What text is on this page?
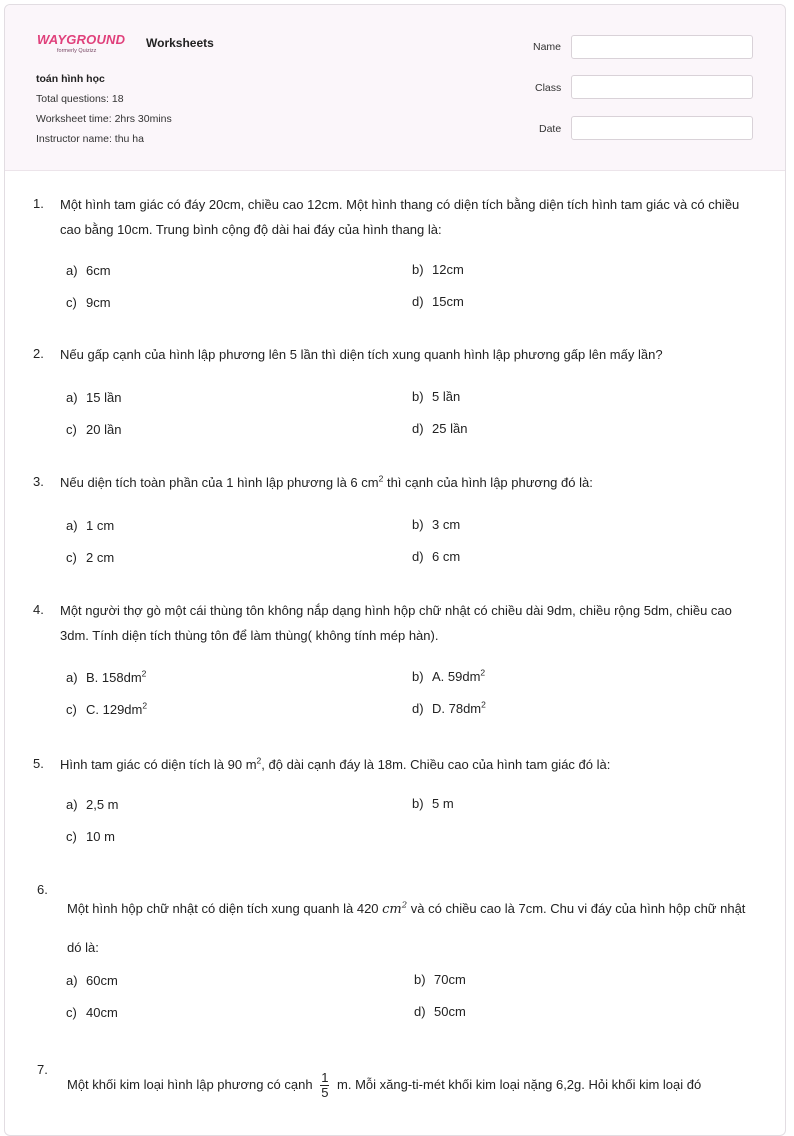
WAYGROUND
formerly Quizizz
Worksheets
toán hình học
Total questions: 18
Worksheet time: 2hrs 30mins
Instructor name: thu ha
Name
Class
Date
1. Một hình tam giác có đáy 20cm, chiều cao 12cm. Một hình thang có diện tích bằng diện tích hình tam giác và có chiều cao bằng 10cm. Trung bình cộng độ dài hai đáy của hình thang là:
a) 6cm	b) 12cm
c) 9cm	d) 15cm
2. Nếu gấp cạnh của hình lập phương lên 5 lần thì diện tích xung quanh hình lập phương gấp lên mấy lần?
a) 15 lần	b) 5 lần
c) 20 lần	d) 25 lần
3. Nếu diện tích toàn phần của 1 hình lập phương là 6 $cm^2$ thì cạnh của hình lập phương đó là:
a) 1 cm	b) 3 cm
c) 2 cm	d) 6 cm
4. Một người thợ gò một cái thùng tôn không nắp dạng hình hộp chữ nhật có chiều dài 9dm, chiều rộng 5dm, chiều cao 3dm. Tính diện tích thùng tôn để làm thùng( không tính mép hàn).
a) B. $158dm^2$	b) A. $59dm^2$
c) C. $129dm^2$	d) D. $78dm^2$
5. Hình tam giác có diện tích là 90 $m^2$, độ dài cạnh đáy là 18m. Chiều cao của hình tam giác đó là:
a) 2,5 m	b) 5 m
c) 10 m
6.
Một hình hộp chữ nhật có diện tích xung quanh là 420 $cm^2$ và có chiều cao là 7cm. Chu vi đáy của hình hộp chữ nhật dó là:
a) 60cm	b) 70cm
c) 40cm	d) 50cm
7.
Một khối kim loại hình lập phương có cạnh $\frac{1}{5} m$. Mỗi xăng-ti-mét khối kim loại nặng 6,2g. Hỏi khối kim loại đó
